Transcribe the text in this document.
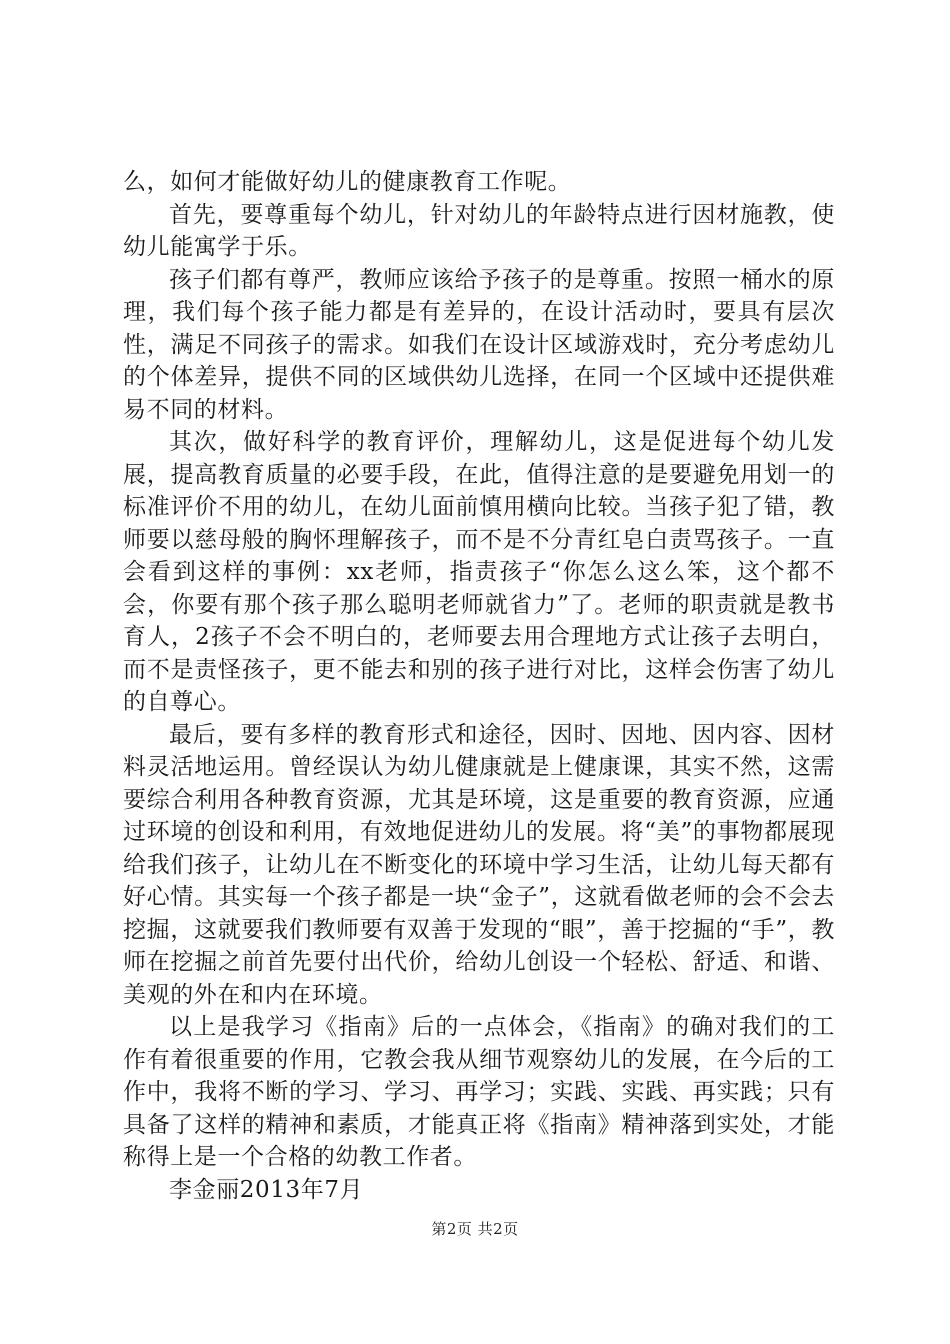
么，如何才能做好幼儿的健康教育工作呢。

首先，要尊重每个幼儿，针对幼儿的年龄特点进行因材施教，使幼儿能寓学于乐。

孩子们都有尊严，教师应该给予孩子的是尊重。按照一桶水的原理，我们每个孩子能力都是有差异的，在设计活动时，要具有层次性，满足不同孩子的需求。如我们在设计区域游戏时，充分考虑幼儿的个体差异，提供不同的区域供幼儿选择，在同一个区域中还提供难易不同的材料。

其次，做好科学的教育评价，理解幼儿，这是促进每个幼儿发展，提高教育质量的必要手段，在此，值得注意的是要避免用划一的标准评价不用的幼儿，在幼儿面前慎用横向比较。当孩子犯了错，教师要以慈母般的胸怀理解孩子，而不是不分青红皂白责骂孩子。一直会看到这样的事例：xx老师，指责孩子“你怎么这么笨，这个都不会，你要有那个孩子那么聪明老师就省力”了。老师的职责就是教书育人，2孩子不会不明白的，老师要去用合理地方式让孩子去明白，而不是责怪孩子，更不能去和别的孩子进行对比，这样会伤害了幼儿的自尊心。

最后，要有多样的教育形式和途径，因时、因地、因内容、因材料灵活地运用。曾经误认为幼儿健康就是上健康课，其实不然，这需要综合利用各种教育资源，尤其是环境，这是重要的教育资源，应通过环境的创设和利用，有效地促进幼儿的发展。将“美”的事物都展现给我们孩子，让幼儿在不断变化的环境中学习生活，让幼儿每天都有好心情。其实每一个孩子都是一块“金子”，这就看做老师的会不会去挖掘，这就要我们教师要有双善于发现的“眼”，善于挖掘的“手”，教师在挖掘之前首先要付出代价，给幼儿创设一个轻松、舒适、和谐、美观的外在和内在环境。

以上是我学习《指南》后的一点体会，《指南》的确对我们的工作有着很重要的作用，它教会我从细节观察幼儿的发展，在今后的工作中，我将不断的学习、学习、再学习；实践、实践、再实践；只有具备了这样的精神和素质，才能真正将《指南》精神落到实处，才能称得上是一个合格的幼教工作者。

李金丽2013年7月

第2页 共2页
